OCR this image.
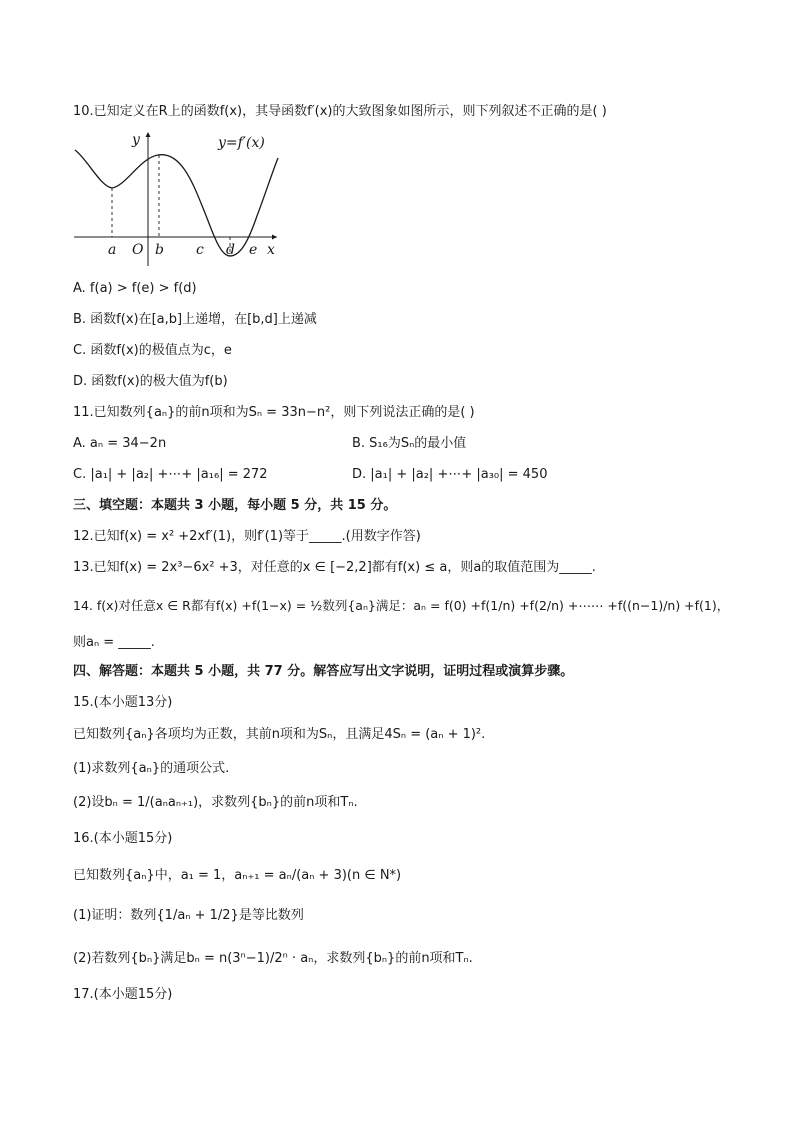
10.已知定义在R上的函数f(x)，其导函数f′(x)的大致图象如图所示，则下列叙述不正确的是( )
y	y=f′(x)
x
a O b c d e
A. f(a) > f(e) > f(d)
B. 函数f(x)在[a,b]上递增，在[b,d]上递减
C. 函数f(x)的极值点为c，e
D. 函数f(x)的极大值为f(b)
11.已知数列{aₙ}的前n项和为Sₙ = 33n−n²，则下列说法正确的是( )
A. aₙ = 34−2n	B. S₁₆为Sₙ的最小值
C. |a₁| + |a₂| +⋯+ |a₁₆| = 272	D. |a₁| + |a₂| +⋯+ |a₃₀| = 450
三、填空题：本题共 3 小题，每小题 5 分，共 15 分。
12.已知f(x) = x² +2xf′(1)，则f′(1)等于_____.(用数字作答)
13.已知f(x) = 2x³−6x² +3，对任意的x ∈ [−2,2]都有f(x) ≤ a，则a的取值范围为_____.
14. f(x)对任意x ∈ R都有f(x) +f(1−x) = ½数列{aₙ}满足：aₙ = f(0) +f(1/n) +f(2/n) +⋯⋯ +f((n−1)/n) +f(1)，
则aₙ = _____.
四、解答题：本题共 5 小题，共 77 分。解答应写出文字说明，证明过程或演算步骤。
15.(本小题13分)
已知数列{aₙ}各项均为正数，其前n项和为Sₙ，且满足4Sₙ = (aₙ + 1)².
(1)求数列{aₙ}的通项公式.
(2)设bₙ = 1/(aₙaₙ₊₁)，求数列{bₙ}的前n项和Tₙ.
16.(本小题15分)
已知数列{aₙ}中，a₁ = 1，aₙ₊₁ = aₙ/(aₙ + 3)(n ∈ N*)
(1)证明：数列{1/aₙ + 1/2}是等比数列
(2)若数列{bₙ}满足bₙ = n(3ⁿ−1)/2ⁿ · aₙ，求数列{bₙ}的前n项和Tₙ.
17.(本小题15分)
